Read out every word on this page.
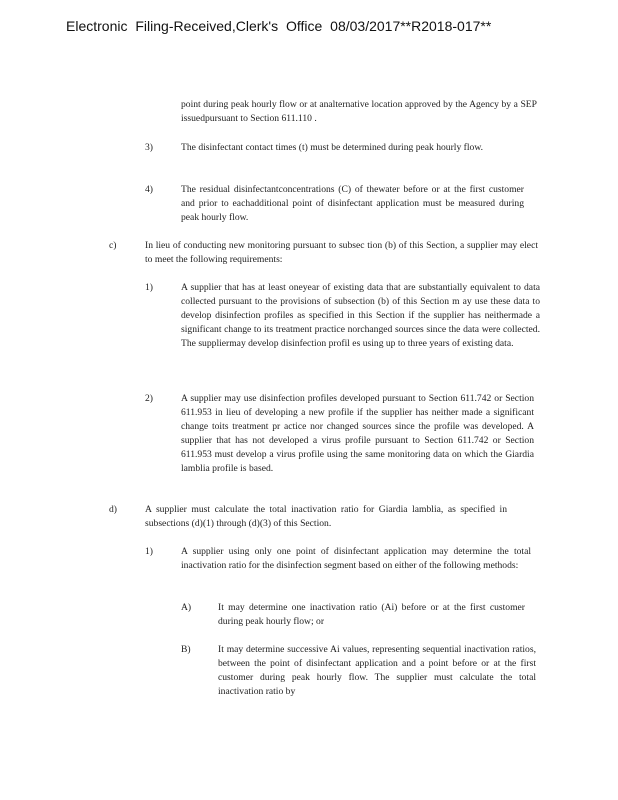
Electronic Filing-Received,Clerk's Office 08/03/2017**R2018-017**
point during peak hourly flow or at analternative location approved by the Agency by a SEP issuedpursuant to Section 611.110 .
3)	The disinfectant contact times (t) must be determined during peak hourly flow.
4)	The residual disinfectantconcentrations (C) of thewater before or at the first customer and prior to eachadditional point of disinfectant application must be measured during peak hourly flow.
c)	In lieu of conducting new monitoring pursuant to subsec tion (b) of this Section, a supplier may elect to meet the following requirements:
1)	A supplier that has at least oneyear of existing data that are substantially equivalent to data collected pursuant to the provisions of subsection (b) of this Section m ay use these data to develop disinfection profiles as specified in this Section if the supplier has neithermade a significant change to its treatment practice norchanged sources since the data were collected. The suppliermay develop disinfection profil es using up to three years of existing data.
2)	A supplier may use disinfection profiles developed pursuant to Section 611.742 or Section 611.953 in lieu of developing a new profile if the supplier has neither made a significant change toits treatment pr actice nor changed sources since the profile was developed. A supplier that has not developed a virus profile pursuant to Section 611.742 or Section 611.953 must develop a virus profile using the same monitoring data on which the Giardia lamblia profile is based.
d)	A supplier must calculate the total inactivation ratio for Giardia lamblia, as specified in subsections (d)(1) through (d)(3) of this Section.
1)	A supplier using only one point of disinfectant application may determine the total inactivation ratio for the disinfection segment based on either of the following methods:
A)	It may determine one inactivation ratio (Ai) before or at the first customer during peak hourly flow; or
B)	It may determine successive Ai values, representing sequential inactivation ratios, between the point of disinfectant application and a point before or at the first customer during peak hourly flow. The supplier must calculate the total inactivation ratio by
